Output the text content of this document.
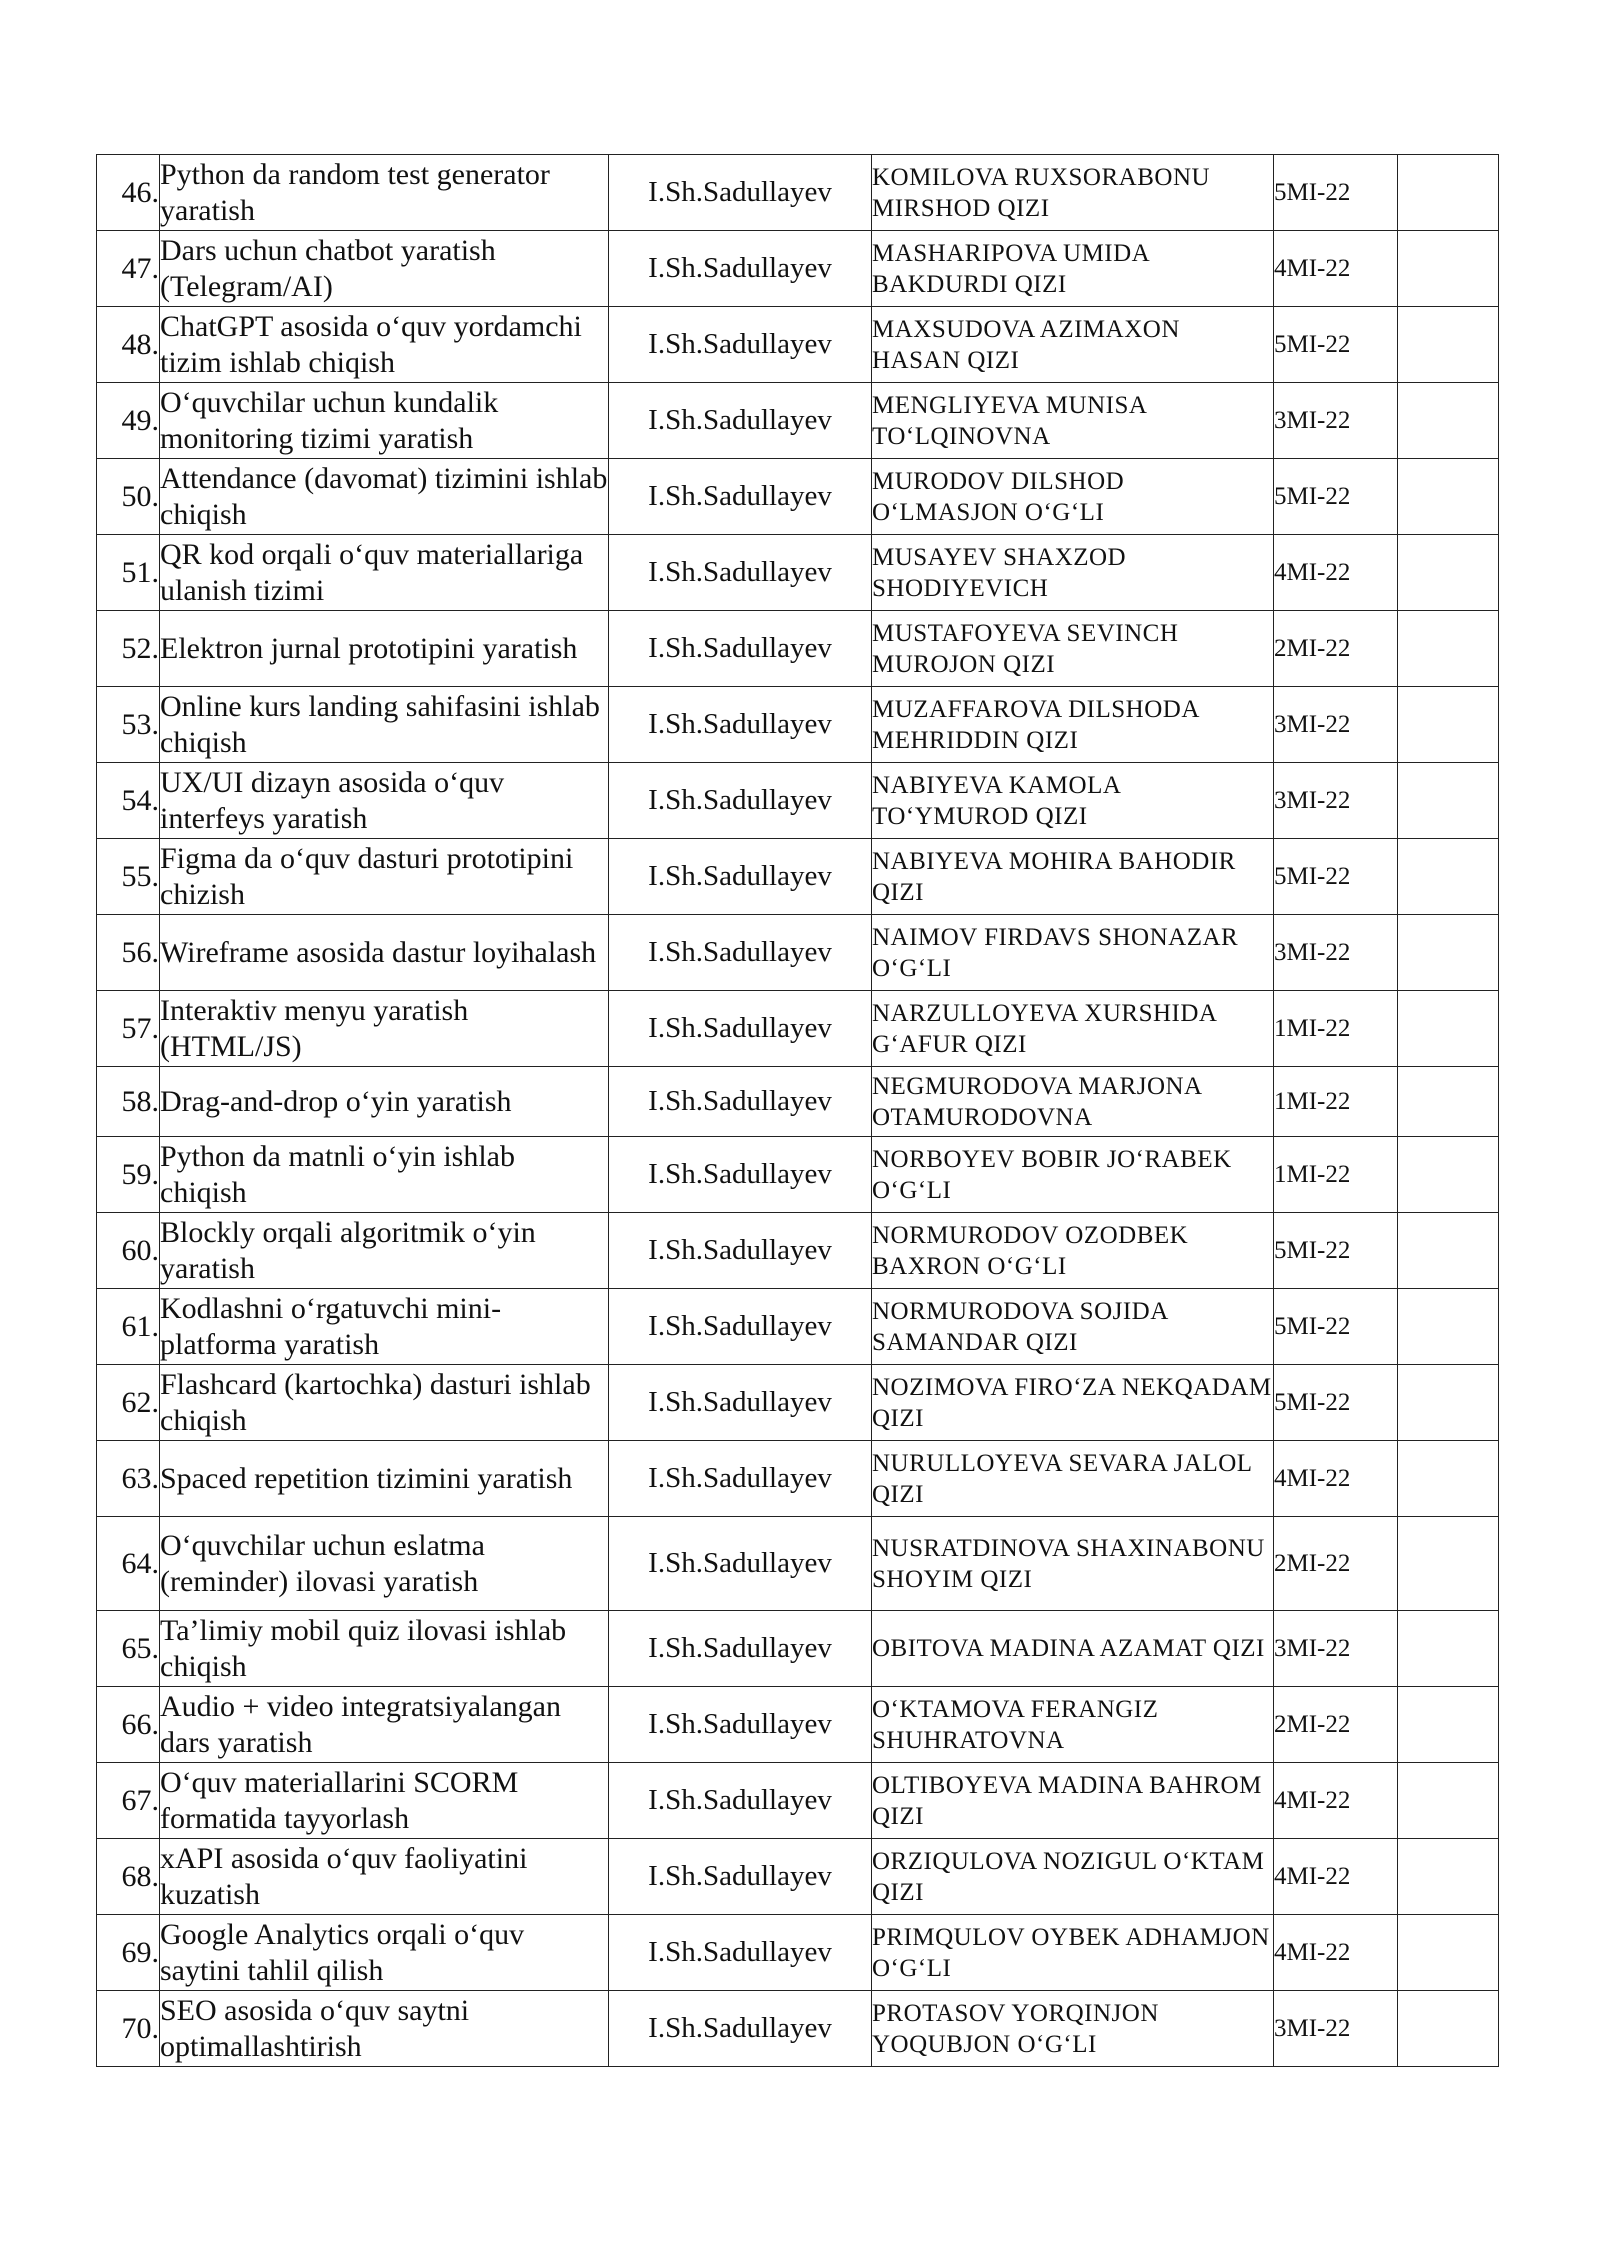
46.	Python da random test generator yaratish	I.Sh.Sadullayev	KOMILOVA RUXSORABONU MIRSHOD QIZI	5MI-22	
47.	Dars uchun chatbot yaratish (Telegram/AI)	I.Sh.Sadullayev	MASHARIPOVA UMIDA BAKDURDI QIZI	4MI-22	
48.	ChatGPT asosida o‘quv yordamchi tizim ishlab chiqish	I.Sh.Sadullayev	MAXSUDOVA AZIMAXON HASAN QIZI	5MI-22	
49.	O‘quvchilar uchun kundalik monitoring tizimi yaratish	I.Sh.Sadullayev	MENGLIYEVA MUNISA TO‘LQINOVNA	3MI-22	
50.	Attendance (davomat) tizimini ishlab chiqish	I.Sh.Sadullayev	MURODOV DILSHOD O‘LMASJON O‘G‘LI	5MI-22	
51.	QR kod orqali o‘quv materiallariga ulanish tizimi	I.Sh.Sadullayev	MUSAYEV SHAXZOD SHODIYEVICH	4MI-22	
52.	Elektron jurnal prototipini yaratish	I.Sh.Sadullayev	MUSTAFOYEVA SEVINCH MUROJON QIZI	2MI-22	
53.	Online kurs landing sahifasini ishlab chiqish	I.Sh.Sadullayev	MUZAFFAROVA DILSHODA MEHRIDDIN QIZI	3MI-22	
54.	UX/UI dizayn asosida o‘quv interfeys yaratish	I.Sh.Sadullayev	NABIYEVA KAMOLA TO‘YMUROD QIZI	3MI-22	
55.	Figma da o‘quv dasturi prototipini chizish	I.Sh.Sadullayev	NABIYEVA MOHIRA BAHODIR QIZI	5MI-22	
56.	Wireframe asosida dastur loyihalash	I.Sh.Sadullayev	NAIMOV FIRDAVS SHONAZAR O‘G‘LI	3MI-22	
57.	Interaktiv menyu yaratish (HTML/JS)	I.Sh.Sadullayev	NARZULLOYEVA XURSHIDA G‘AFUR QIZI	1MI-22	
58.	Drag-and-drop o‘yin yaratish	I.Sh.Sadullayev	NEGMURODOVA MARJONA OTAMURODOVNA	1MI-22	
59.	Python da matnli o‘yin ishlab chiqish	I.Sh.Sadullayev	NORBOYEV BOBIR JO‘RABEK O‘G‘LI	1MI-22	
60.	Blockly orqali algoritmik o‘yin yaratish	I.Sh.Sadullayev	NORMURODOV OZODBEK BAXRON O‘G‘LI	5MI-22	
61.	Kodlashni o‘rgatuvchi mini-platforma yaratish	I.Sh.Sadullayev	NORMURODOVA SOJIDA SAMANDAR QIZI	5MI-22	
62.	Flashcard (kartochka) dasturi ishlab chiqish	I.Sh.Sadullayev	NOZIMOVA FIRO‘ZA NEKQADAM QIZI	5MI-22	
63.	Spaced repetition tizimini yaratish	I.Sh.Sadullayev	NURULLOYEVA SEVARA JALOL QIZI	4MI-22	
64.	O‘quvchilar uchun eslatma (reminder) ilovasi yaratish	I.Sh.Sadullayev	NUSRATDINOVA SHAXINABONU SHOYIM QIZI	2MI-22	
65.	Ta’limiy mobil quiz ilovasi ishlab chiqish	I.Sh.Sadullayev	OBITOVA MADINA AZAMAT QIZI	3MI-22	
66.	Audio + video integratsiyalangan dars yaratish	I.Sh.Sadullayev	O‘KTAMOVA FERANGIZ SHUHRATOVNA	2MI-22	
67.	O‘quv materiallarini SCORM formatida tayyorlash	I.Sh.Sadullayev	OLTIBOYEVA MADINA BAHROM QIZI	4MI-22	
68.	xAPI asosida o‘quv faoliyatini kuzatish	I.Sh.Sadullayev	ORZIQULOVA NOZIGUL O‘KTAM QIZI	4MI-22	
69.	Google Analytics orqali o‘quv saytini tahlil qilish	I.Sh.Sadullayev	PRIMQULOV OYBEK ADHAMJON O‘G‘LI	4MI-22	
70.	SEO asosida o‘quv saytni optimallashtirish	I.Sh.Sadullayev	PROTASOV YORQINJON YOQUBJON O‘G‘LI	3MI-22	
